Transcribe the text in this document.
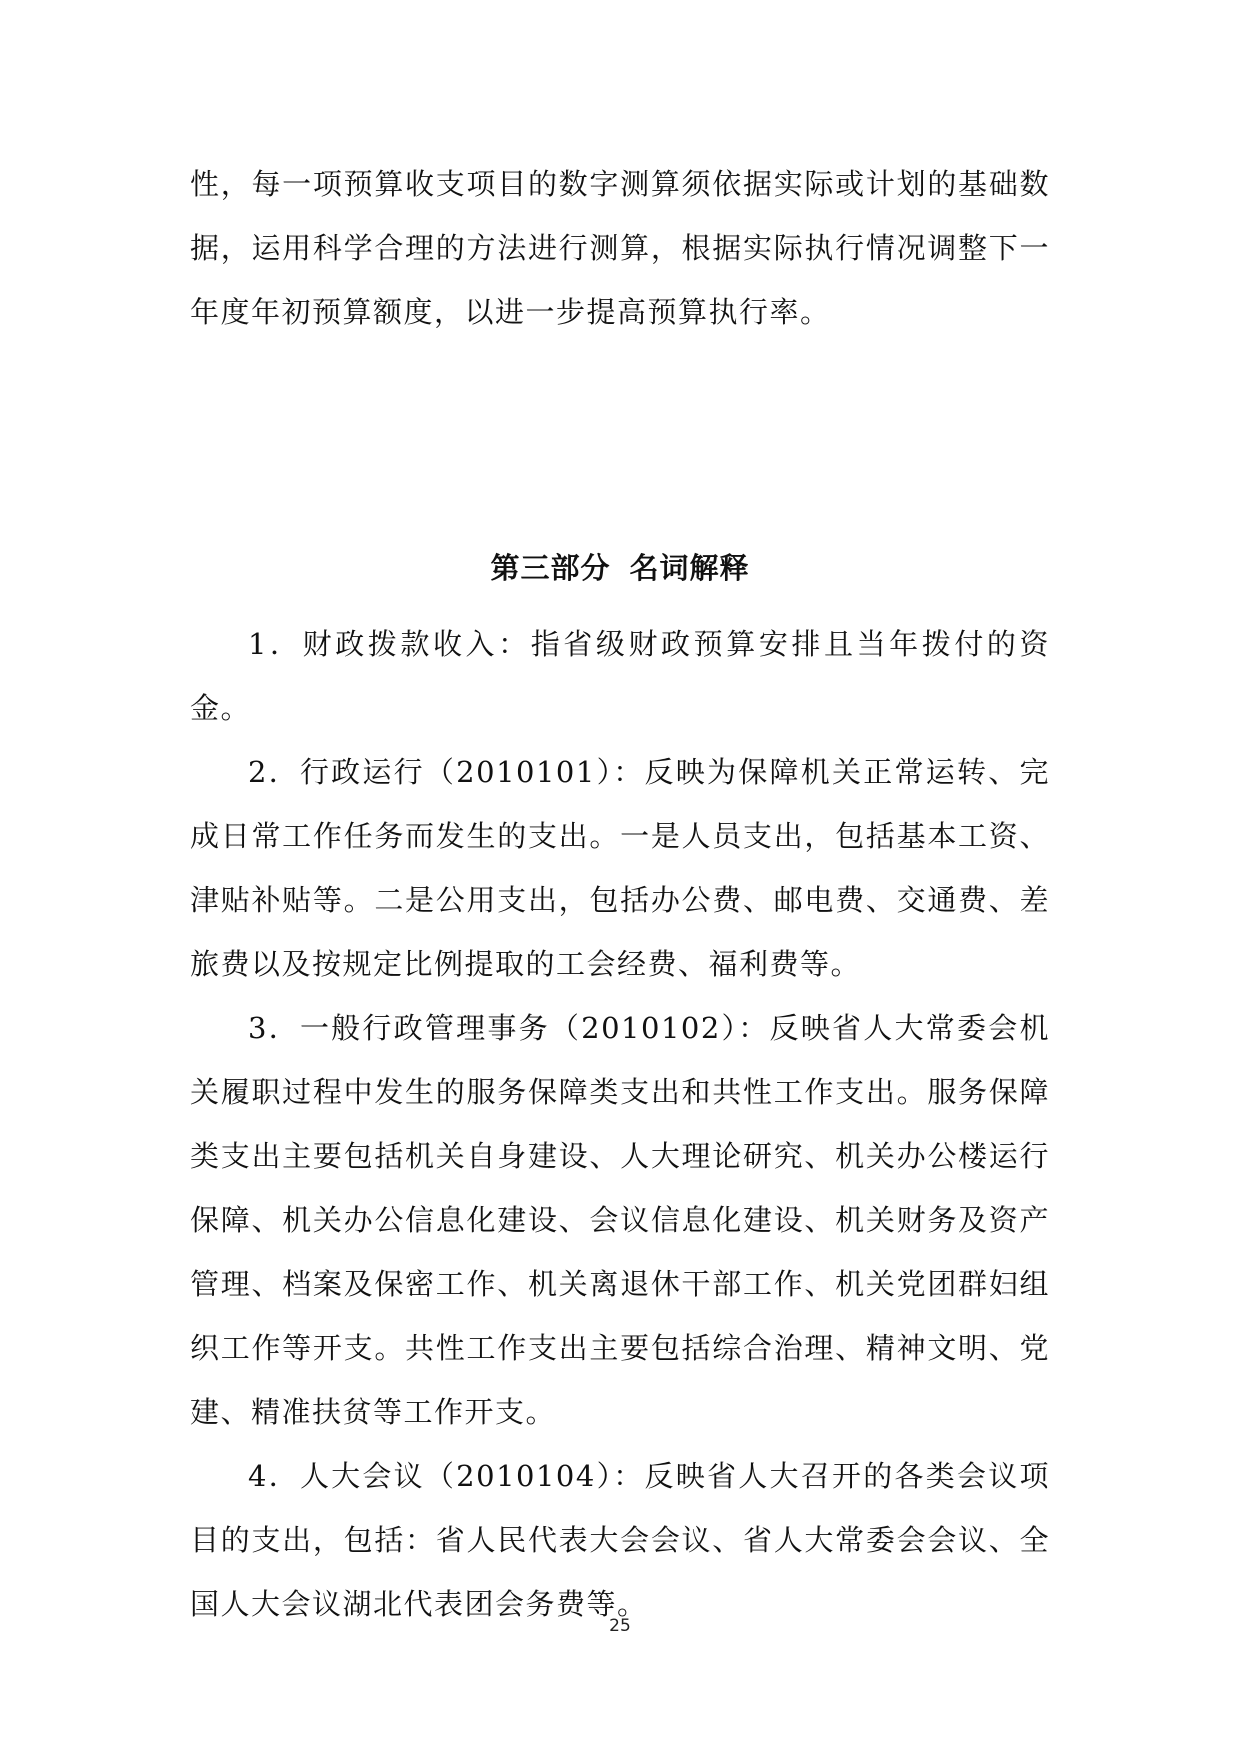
性，每一项预算收支项目的数字测算须依据实际或计划的基础数据，运用科学合理的方法进行测算，根据实际执行情况调整下一年度年初预算额度，以进一步提高预算执行率。

第三部分 名词解释

1．财政拨款收入：指省级财政预算安排且当年拨付的资金。

2．行政运行（2010101）：反映为保障机关正常运转、完成日常工作任务而发生的支出。一是人员支出，包括基本工资、津贴补贴等。二是公用支出，包括办公费、邮电费、交通费、差旅费以及按规定比例提取的工会经费、福利费等。

3．一般行政管理事务（2010102）：反映省人大常委会机关履职过程中发生的服务保障类支出和共性工作支出。服务保障类支出主要包括机关自身建设、人大理论研究、机关办公楼运行保障、机关办公信息化建设、会议信息化建设、机关财务及资产管理、档案及保密工作、机关离退休干部工作、机关党团群妇组织工作等开支。共性工作支出主要包括综合治理、精神文明、党建、精准扶贫等工作开支。

4．人大会议（2010104）：反映省人大召开的各类会议项目的支出，包括：省人民代表大会会议、省人大常委会会议、全国人大会议湖北代表团会务费等。

25
